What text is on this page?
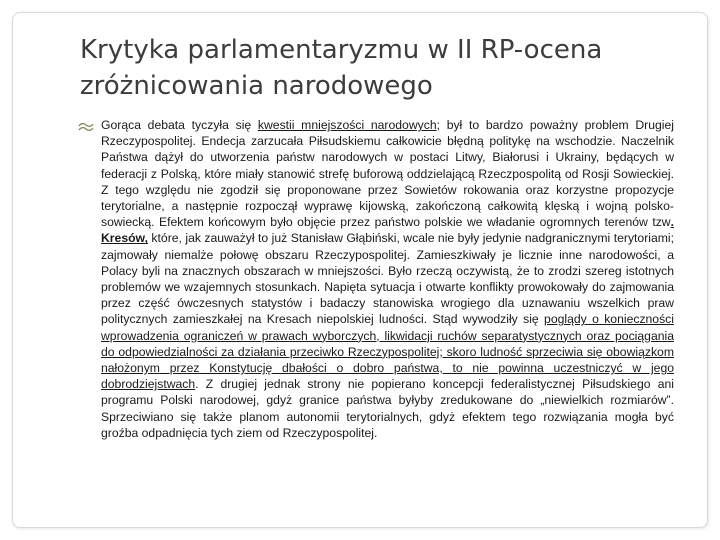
Krytyka parlamentaryzmu w II RP-ocena zróżnicowania narodowego

Gorąca debata tyczyła się kwestii mniejszości narodowych; był to bardzo poważny problem Drugiej Rzeczypospolitej. Endecja zarzucała Piłsudskiemu całkowicie błędną politykę na wschodzie. Naczelnik Państwa dążył do utworzenia państw narodowych w postaci Litwy, Białorusi i Ukrainy, będących w federacji z Polską, które miały stanowić strefę buforową oddzielającą Rzeczpospolitą od Rosji Sowieckiej. Z tego względu nie zgodził się proponowane przez Sowietów rokowania oraz korzystne propozycje terytorialne, a następnie rozpoczął wyprawę kijowską, zakończoną całkowitą klęską i wojną polsko-sowiecką. Efektem końcowym było objęcie przez państwo polskie we władanie ogromnych terenów tzw. Kresów, które, jak zauważył to już Stanisław Głąbiński, wcale nie były jedynie nadgranicznymi terytoriami; zajmowały niemalże połowę obszaru Rzeczypospolitej. Zamieszkiwały je licznie inne narodowości, a Polacy byli na znacznych obszarach w mniejszości. Było rzeczą oczywistą, że to zrodzi szereg istotnych problemów we wzajemnych stosunkach. Napięta sytuacja i otwarte konflikty prowokowały do zajmowania przez część ówczesnych statystów i badaczy stanowiska wrogiego dla uznawaniu wszelkich praw politycznych zamieszkałej na Kresach niepolskiej ludności. Stąd wywodziły się poglądy o konieczności wprowadzenia ograniczeń w prawach wyborczych, likwidacji ruchów separatystycznych oraz pociągania do odpowiedzialności za działania przeciwko Rzeczypospolitej; skoro ludność sprzeciwia się obowiązkom nałożonym przez Konstytucję dbałości o dobro państwa, to nie powinna uczestniczyć w jego dobrodziejstwach. Z drugiej jednak strony nie popierano koncepcji federalistycznej Piłsudskiego ani programu Polski narodowej, gdyż granice państwa byłyby zredukowane do „niewielkich rozmiarów”. Sprzeciwiano się także planom autonomii terytorialnych, gdyż efektem tego rozwiązania mogła być groźba odpadnięcia tych ziem od Rzeczypospolitej.
